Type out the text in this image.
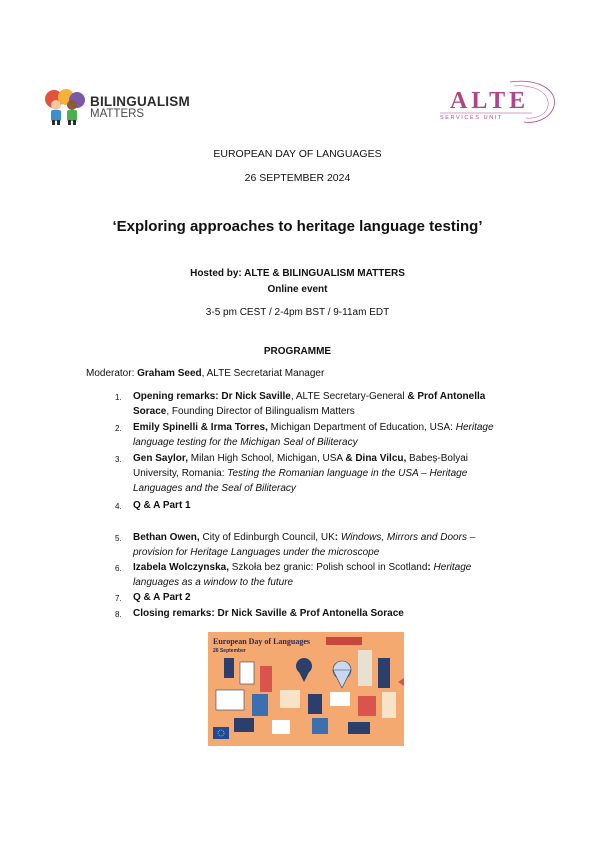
BILINGUALISM
MATTERS	ALTE
SERVICES UNIT
EUROPEAN DAY OF LANGUAGES
26 SEPTEMBER 2024
‘Exploring approaches to heritage language testing’
Hosted by: ALTE & BILINGUALISM MATTERS
Online event
3-5 pm CEST / 2-4pm BST / 9-11am EDT
PROGRAMME
Moderator: Graham Seed, ALTE Secretariat Manager
1. Opening remarks: Dr Nick Saville, ALTE Secretary-General & Prof Antonella
Sorace, Founding Director of Bilingualism Matters
2. Emily Spinelli & Irma Torres, Michigan Department of Education, USA: Heritage
language testing for the Michigan Seal of Biliteracy
3. Gen Saylor, Milan High School, Michigan, USA & Dina Vilcu, Babeș-Bolyai
University, Romania: Testing the Romanian language in the USA – Heritage
Languages and the Seal of Biliteracy
4. Q & A Part 1
5. Bethan Owen, City of Edinburgh Council, UK: Windows, Mirrors and Doors –
provision for Heritage Languages under the microscope
6. Izabela Wolczynska, Szkoła bez granic: Polish school in Scotland: Heritage
languages as a window to the future
7. Q & A Part 2
8. Closing remarks: Dr Nick Saville & Prof Antonella Sorace
European Day of Languages
26 September
